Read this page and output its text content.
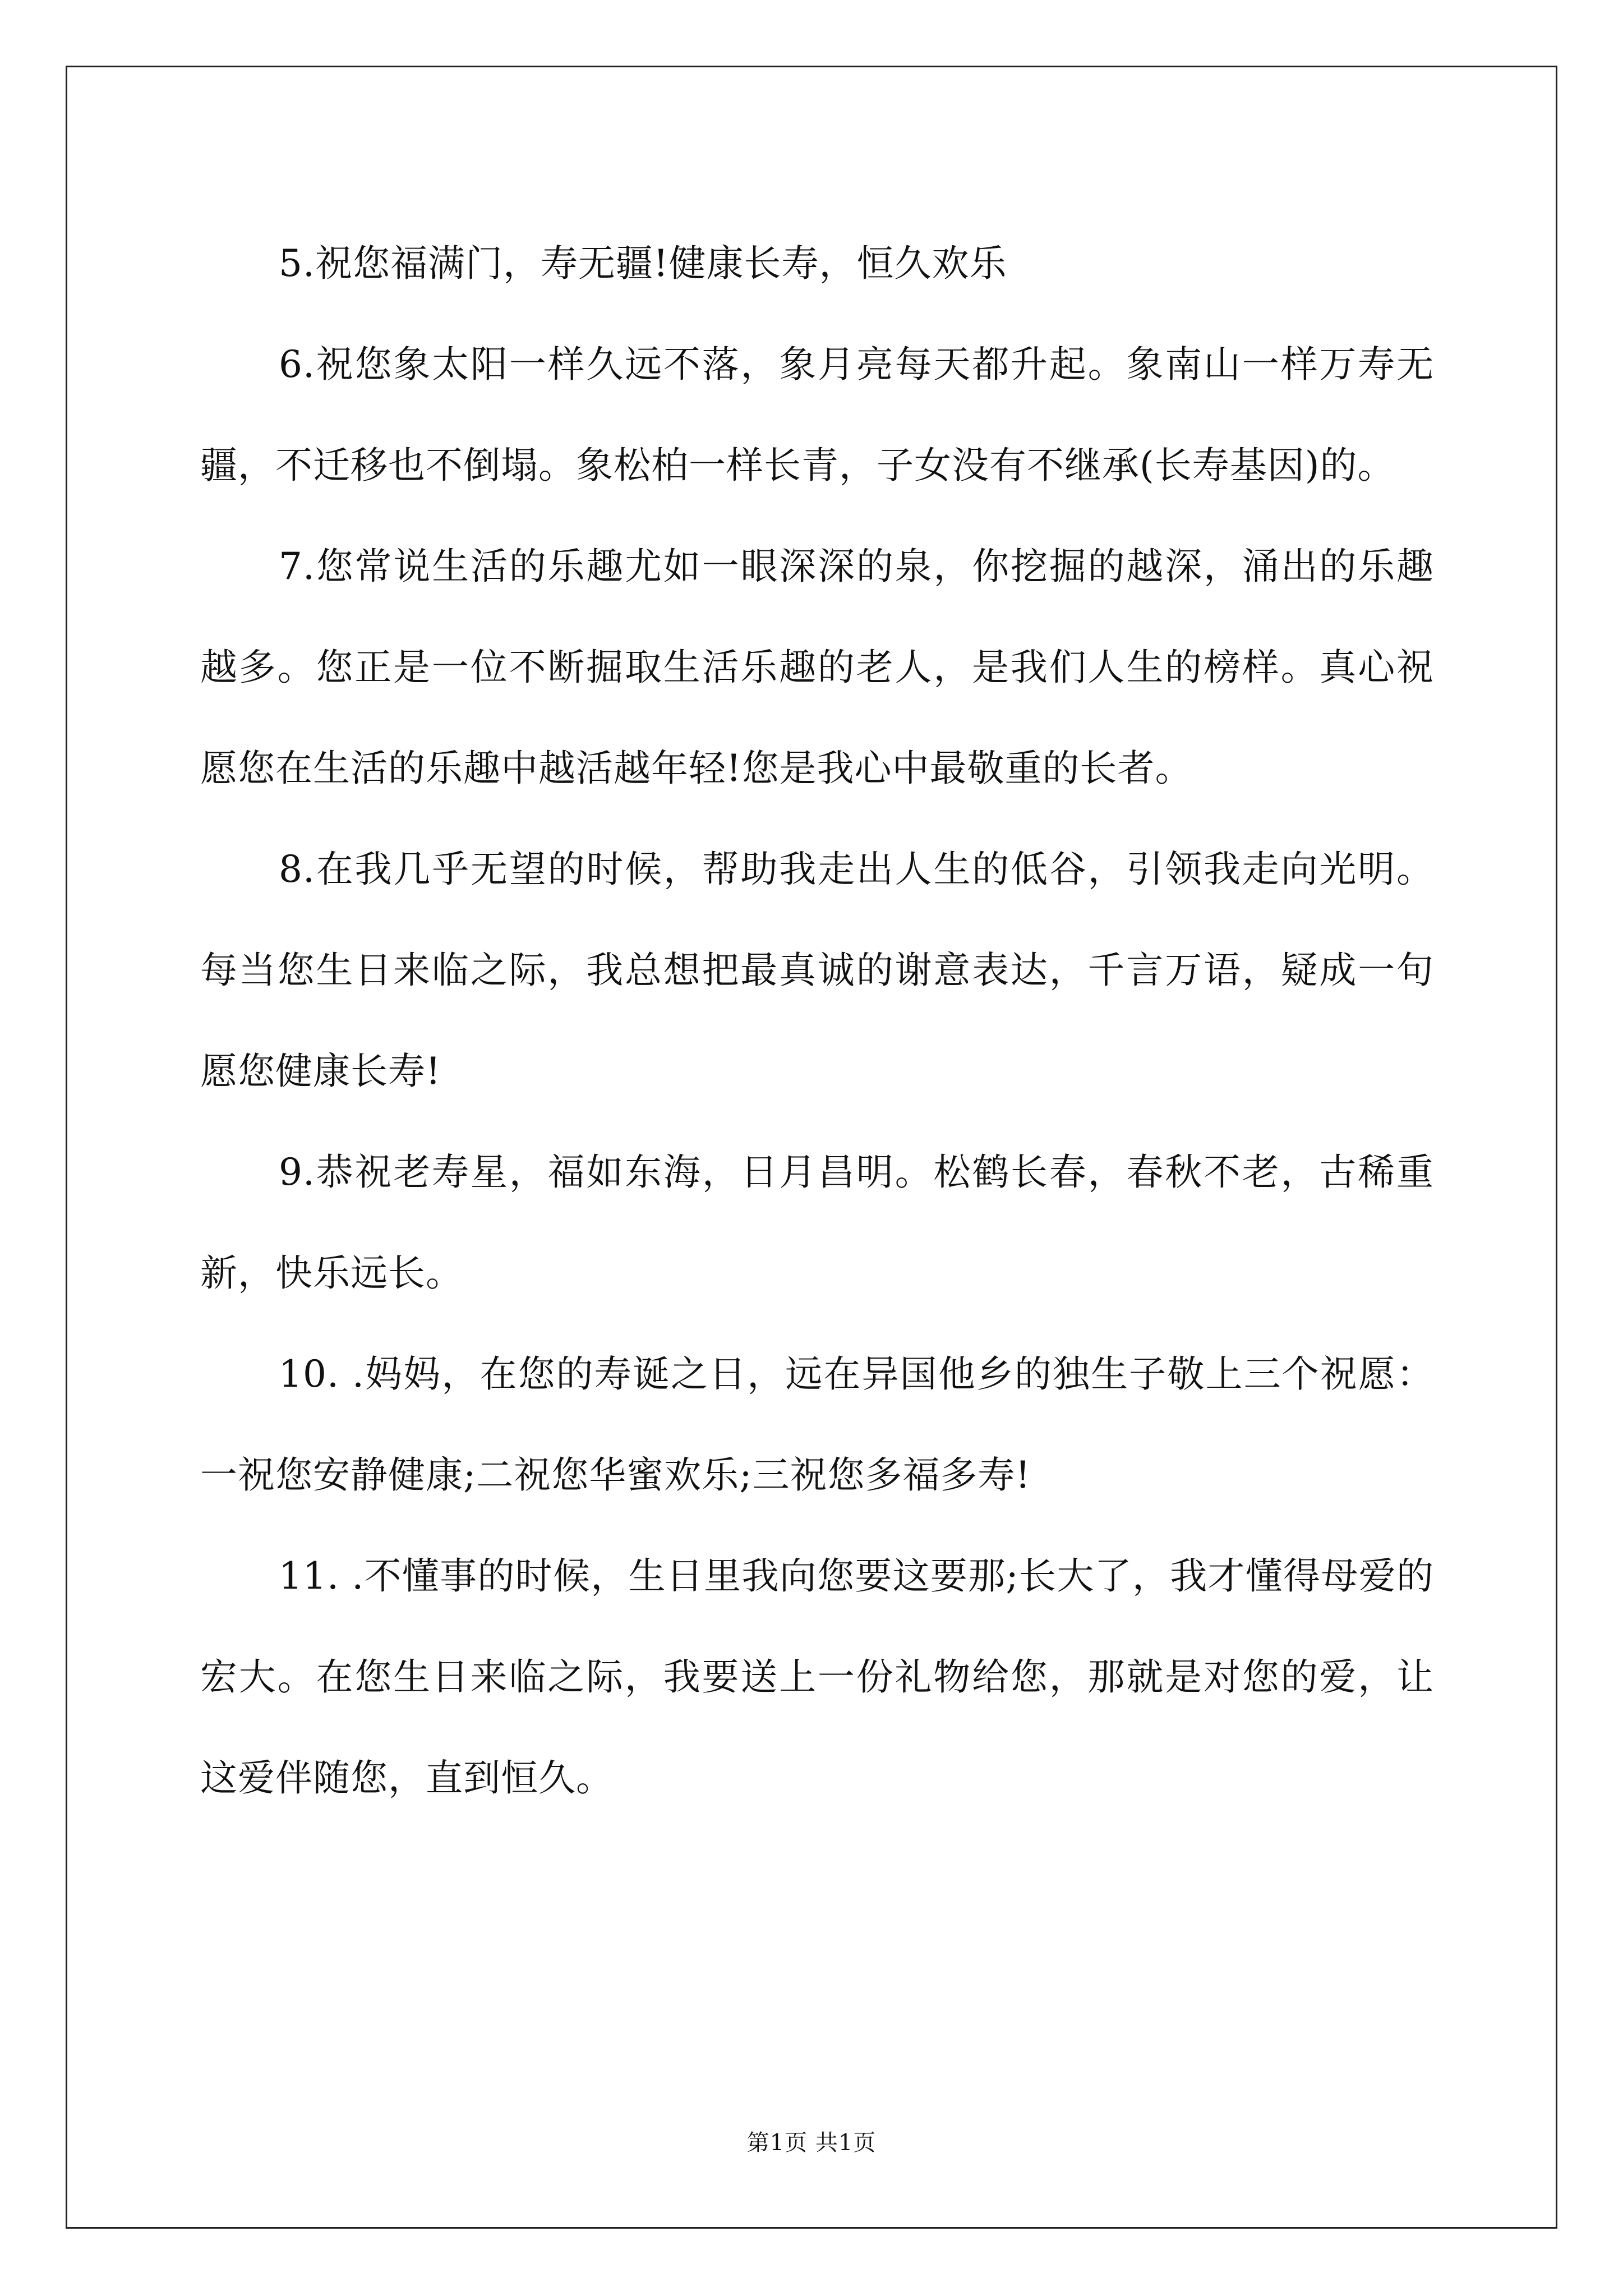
5.祝您福满门，寿无疆!健康长寿，恒久欢乐

6.祝您象太阳一样久远不落，象月亮每天都升起。象南山一样万寿无疆，不迁移也不倒塌。象松柏一样长青，子女没有不继承(长寿基因)的。

7.您常说生活的乐趣尤如一眼深深的泉，你挖掘的越深，涌出的乐趣越多。您正是一位不断掘取生活乐趣的老人，是我们人生的榜样。真心祝愿您在生活的乐趣中越活越年轻!您是我心中最敬重的长者。

8.在我几乎无望的时候，帮助我走出人生的低谷，引领我走向光明。每当您生日来临之际，我总想把最真诚的谢意表达，千言万语，疑成一句愿您健康长寿!

9.恭祝老寿星，福如东海，日月昌明。松鹤长春，春秋不老，古稀重新，快乐远长。

10. .妈妈，在您的寿诞之日，远在异国他乡的独生子敬上三个祝愿：一祝您安静健康;二祝您华蜜欢乐;三祝您多福多寿!

11. .不懂事的时候，生日里我向您要这要那;长大了，我才懂得母爱的宏大。在您生日来临之际，我要送上一份礼物给您，那就是对您的爱，让这爱伴随您，直到恒久。

第1页 共1页
